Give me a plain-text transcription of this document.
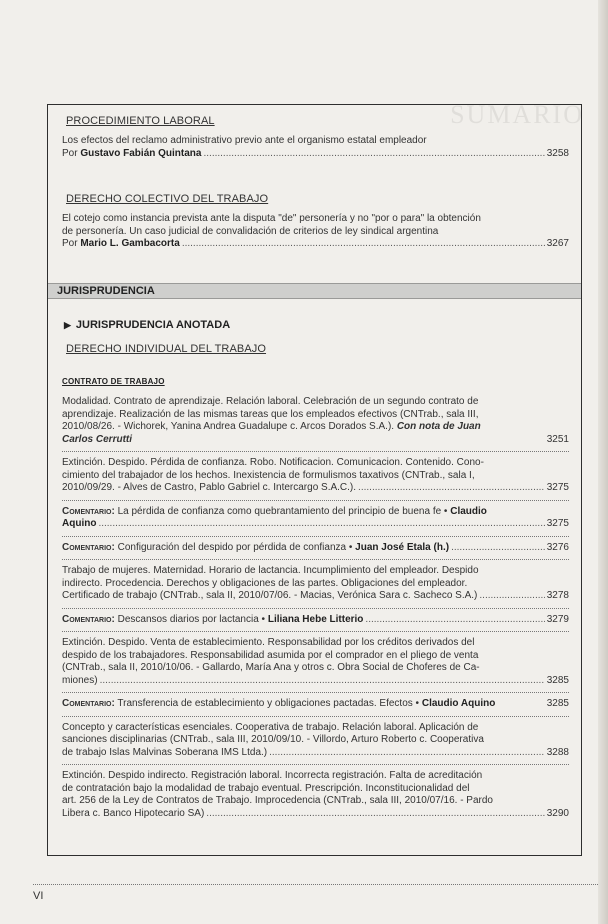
SUMARIO
PROCEDIMIENTO LABORAL
Los efectos del reclamo administrativo previo ante el organismo estatal empleador
Por Gustavo Fabián Quintana .....	3258
DERECHO COLECTIVO DEL TRABAJO
El cotejo como instancia prevista ante la disputa "de" personería y no "por o para" la obtención
de personería. Un caso judicial de convalidación de criterios de ley sindical argentina
Por Mario L. Gambacorta .....	3267
JURISPRUDENCIA
▶ JURISPRUDENCIA ANOTADA
DERECHO INDIVIDUAL DEL TRABAJO
CONTRATO DE TRABAJO
Modalidad. Contrato de aprendizaje. Relación laboral. Celebración de un segundo contrato de
aprendizaje. Realización de las mismas tareas que los empleados efectivos (CNTrab., sala III,
2010/08/26. - Wichorek, Yanina Andrea Guadalupe c. Arcos Dorados S.A.). Con nota de Juan
Carlos Cerrutti	3251
Extinción. Despido. Pérdida de confianza. Robo. Notificacion. Comunicacion. Contenido. Cono-
cimiento del trabajador de los hechos. Inexistencia de formulismos taxativos (CNTrab., sala I,
2010/09/29. - Alves de Castro, Pablo Gabriel c. Intercargo S.A.C.). .....	3275
Comentario: La pérdida de confianza como quebrantamiento del principio de buena fe • Claudio
Aquino .....	3275
Comentario: Configuración del despido por pérdida de confianza • Juan José Etala (h.) .....	3276
Trabajo de mujeres. Maternidad. Horario de lactancia. Incumplimiento del empleador. Despido
indirecto. Procedencia. Derechos y obligaciones de las partes. Obligaciones del empleador.
Certificado de trabajo (CNTrab., sala II, 2010/07/06. - Macias, Verónica Sara c. Sacheco S.A.) .....	3278
Comentario: Descansos diarios por lactancia • Liliana Hebe Litterio .....	3279
Extinción. Despido. Venta de establecimiento. Responsabilidad por los créditos derivados del
despido de los trabajadores. Responsabilidad asumida por el comprador en el pliego de venta
(CNTrab., sala II, 2010/10/06. - Gallardo, María Ana y otros c. Obra Social de Choferes de Ca-
miones) .....	3285
Comentario: Transferencia de establecimiento y obligaciones pactadas. Efectos • Claudio Aquino	3285
Concepto y características esenciales. Cooperativa de trabajo. Relación laboral. Aplicación de
sanciones disciplinarias (CNTrab., sala III, 2010/09/10. - Villordo, Arturo Roberto c. Cooperativa
de trabajo Islas Malvinas Soberana IMS Ltda.) .....	3288
Extinción. Despido indirecto. Registración laboral. Incorrecta registración. Falta de acreditación
de contratación bajo la modalidad de trabajo eventual. Prescripción. Inconstitucionalidad del
art. 256 de la Ley de Contratos de Trabajo. Improcedencia (CNTrab., sala III, 2010/07/16. - Pardo
Libera c. Banco Hipotecario SA) .....	3290
VI
